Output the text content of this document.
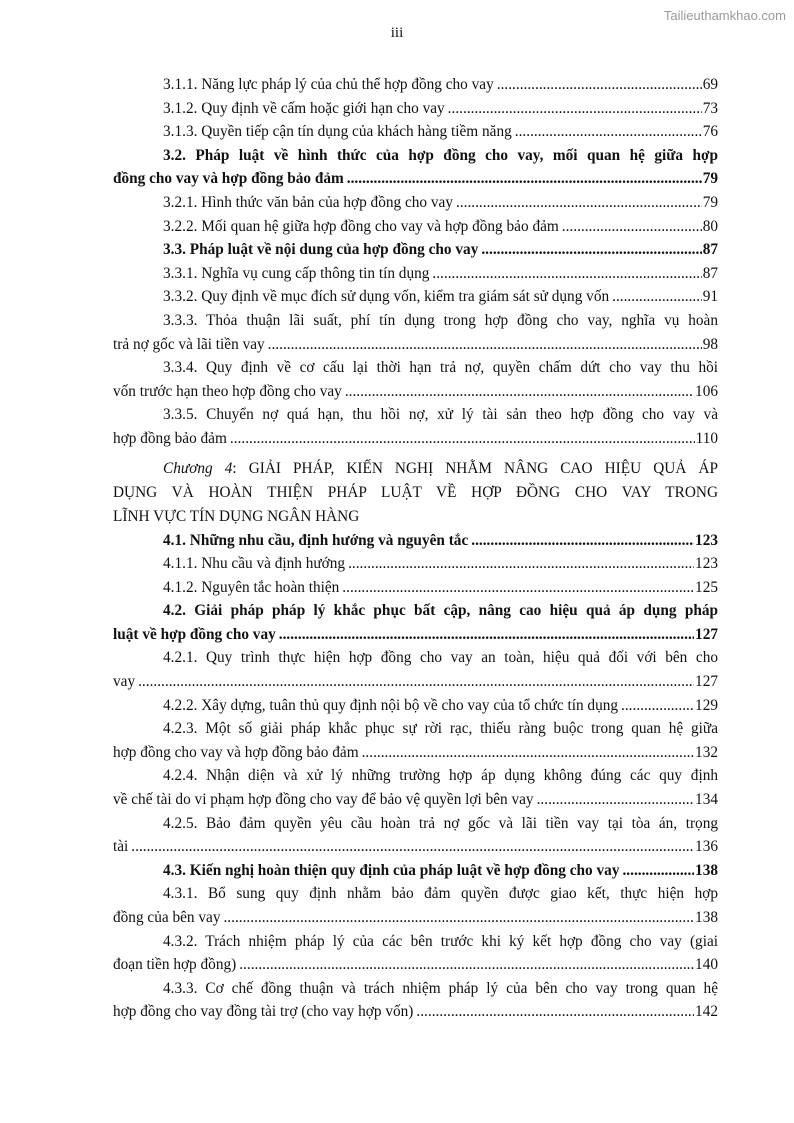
Tailieuthamkhao.com
iii
3.1.1. Năng lực pháp lý của chủ thể hợp đồng cho vay .....	69
3.1.2. Quy định về cấm hoặc giới hạn cho vay .....	73
3.1.3. Quyền tiếp cận tín dụng của khách hàng tiềm năng .....	76
3.2. Pháp luật về hình thức của hợp đồng cho vay, mối quan hệ giữa hợp
đồng cho vay và hợp đồng bảo đảm .....	79
3.2.1. Hình thức văn bản của hợp đồng cho vay .....	79
3.2.2. Mối quan hệ giữa hợp đồng cho vay và hợp đồng bảo đảm .....	80
3.3. Pháp luật về nội dung của hợp đồng cho vay .....	87
3.3.1. Nghĩa vụ cung cấp thông tin tín dụng .....	87
3.3.2. Quy định về mục đích sử dụng vốn, kiểm tra giám sát sử dụng vốn .....	91
3.3.3. Thỏa thuận lãi suất, phí tín dụng trong hợp đồng cho vay, nghĩa vụ hoàn
trả nợ gốc và lãi tiền vay .....	98
3.3.4. Quy định về cơ cấu lại thời hạn trả nợ, quyền chấm dứt cho vay thu hồi
vốn trước hạn theo hợp đồng cho vay .....	106
3.3.5. Chuyển nợ quá hạn, thu hồi nợ, xử lý tài sản theo hợp đồng cho vay và
hợp đồng bảo đảm .....	110
Chương 4: GIẢI PHÁP, KIẾN NGHỊ NHẰM NÂNG CAO HIỆU QUẢ ÁP
DỤNG VÀ HOÀN THIỆN PHÁP LUẬT VỀ HỢP ĐỒNG CHO VAY TRONG
LĨNH VỰC TÍN DỤNG NGÂN HÀNG
4.1. Những nhu cầu, định hướng và nguyên tắc .....	123
4.1.1. Nhu cầu và định hướng .....	123
4.1.2. Nguyên tắc hoàn thiện .....	125
4.2. Giải pháp pháp lý khắc phục bất cập, nâng cao hiệu quả áp dụng pháp
luật về hợp đồng cho vay .....	127
4.2.1. Quy trình thực hiện hợp đồng cho vay an toàn, hiệu quả đối với bên cho
vay .....	127
4.2.2. Xây dựng, tuân thủ quy định nội bộ về cho vay của tổ chức tín dụng .....	129
4.2.3. Một số giải pháp khắc phục sự rời rạc, thiếu ràng buộc trong quan hệ giữa
hợp đồng cho vay và hợp đồng bảo đảm .....	132
4.2.4. Nhận diện và xử lý những trường hợp áp dụng không đúng các quy định
về chế tài do vi phạm hợp đồng cho vay để bảo vệ quyền lợi bên vay .....	134
4.2.5. Bảo đảm quyền yêu cầu hoàn trả nợ gốc và lãi tiền vay tại tòa án, trọng
tài .....	136
4.3. Kiến nghị hoàn thiện quy định của pháp luật về hợp đồng cho vay .....	138
4.3.1. Bổ sung quy định nhằm bảo đảm quyền được giao kết, thực hiện hợp
đồng của bên vay .....	138
4.3.2. Trách nhiệm pháp lý của các bên trước khi ký kết hợp đồng cho vay (giai
đoạn tiền hợp đồng) .....	140
4.3.3. Cơ chế đồng thuận và trách nhiệm pháp lý của bên cho vay trong quan hệ
hợp đồng cho vay đồng tài trợ (cho vay hợp vốn) .....	142
